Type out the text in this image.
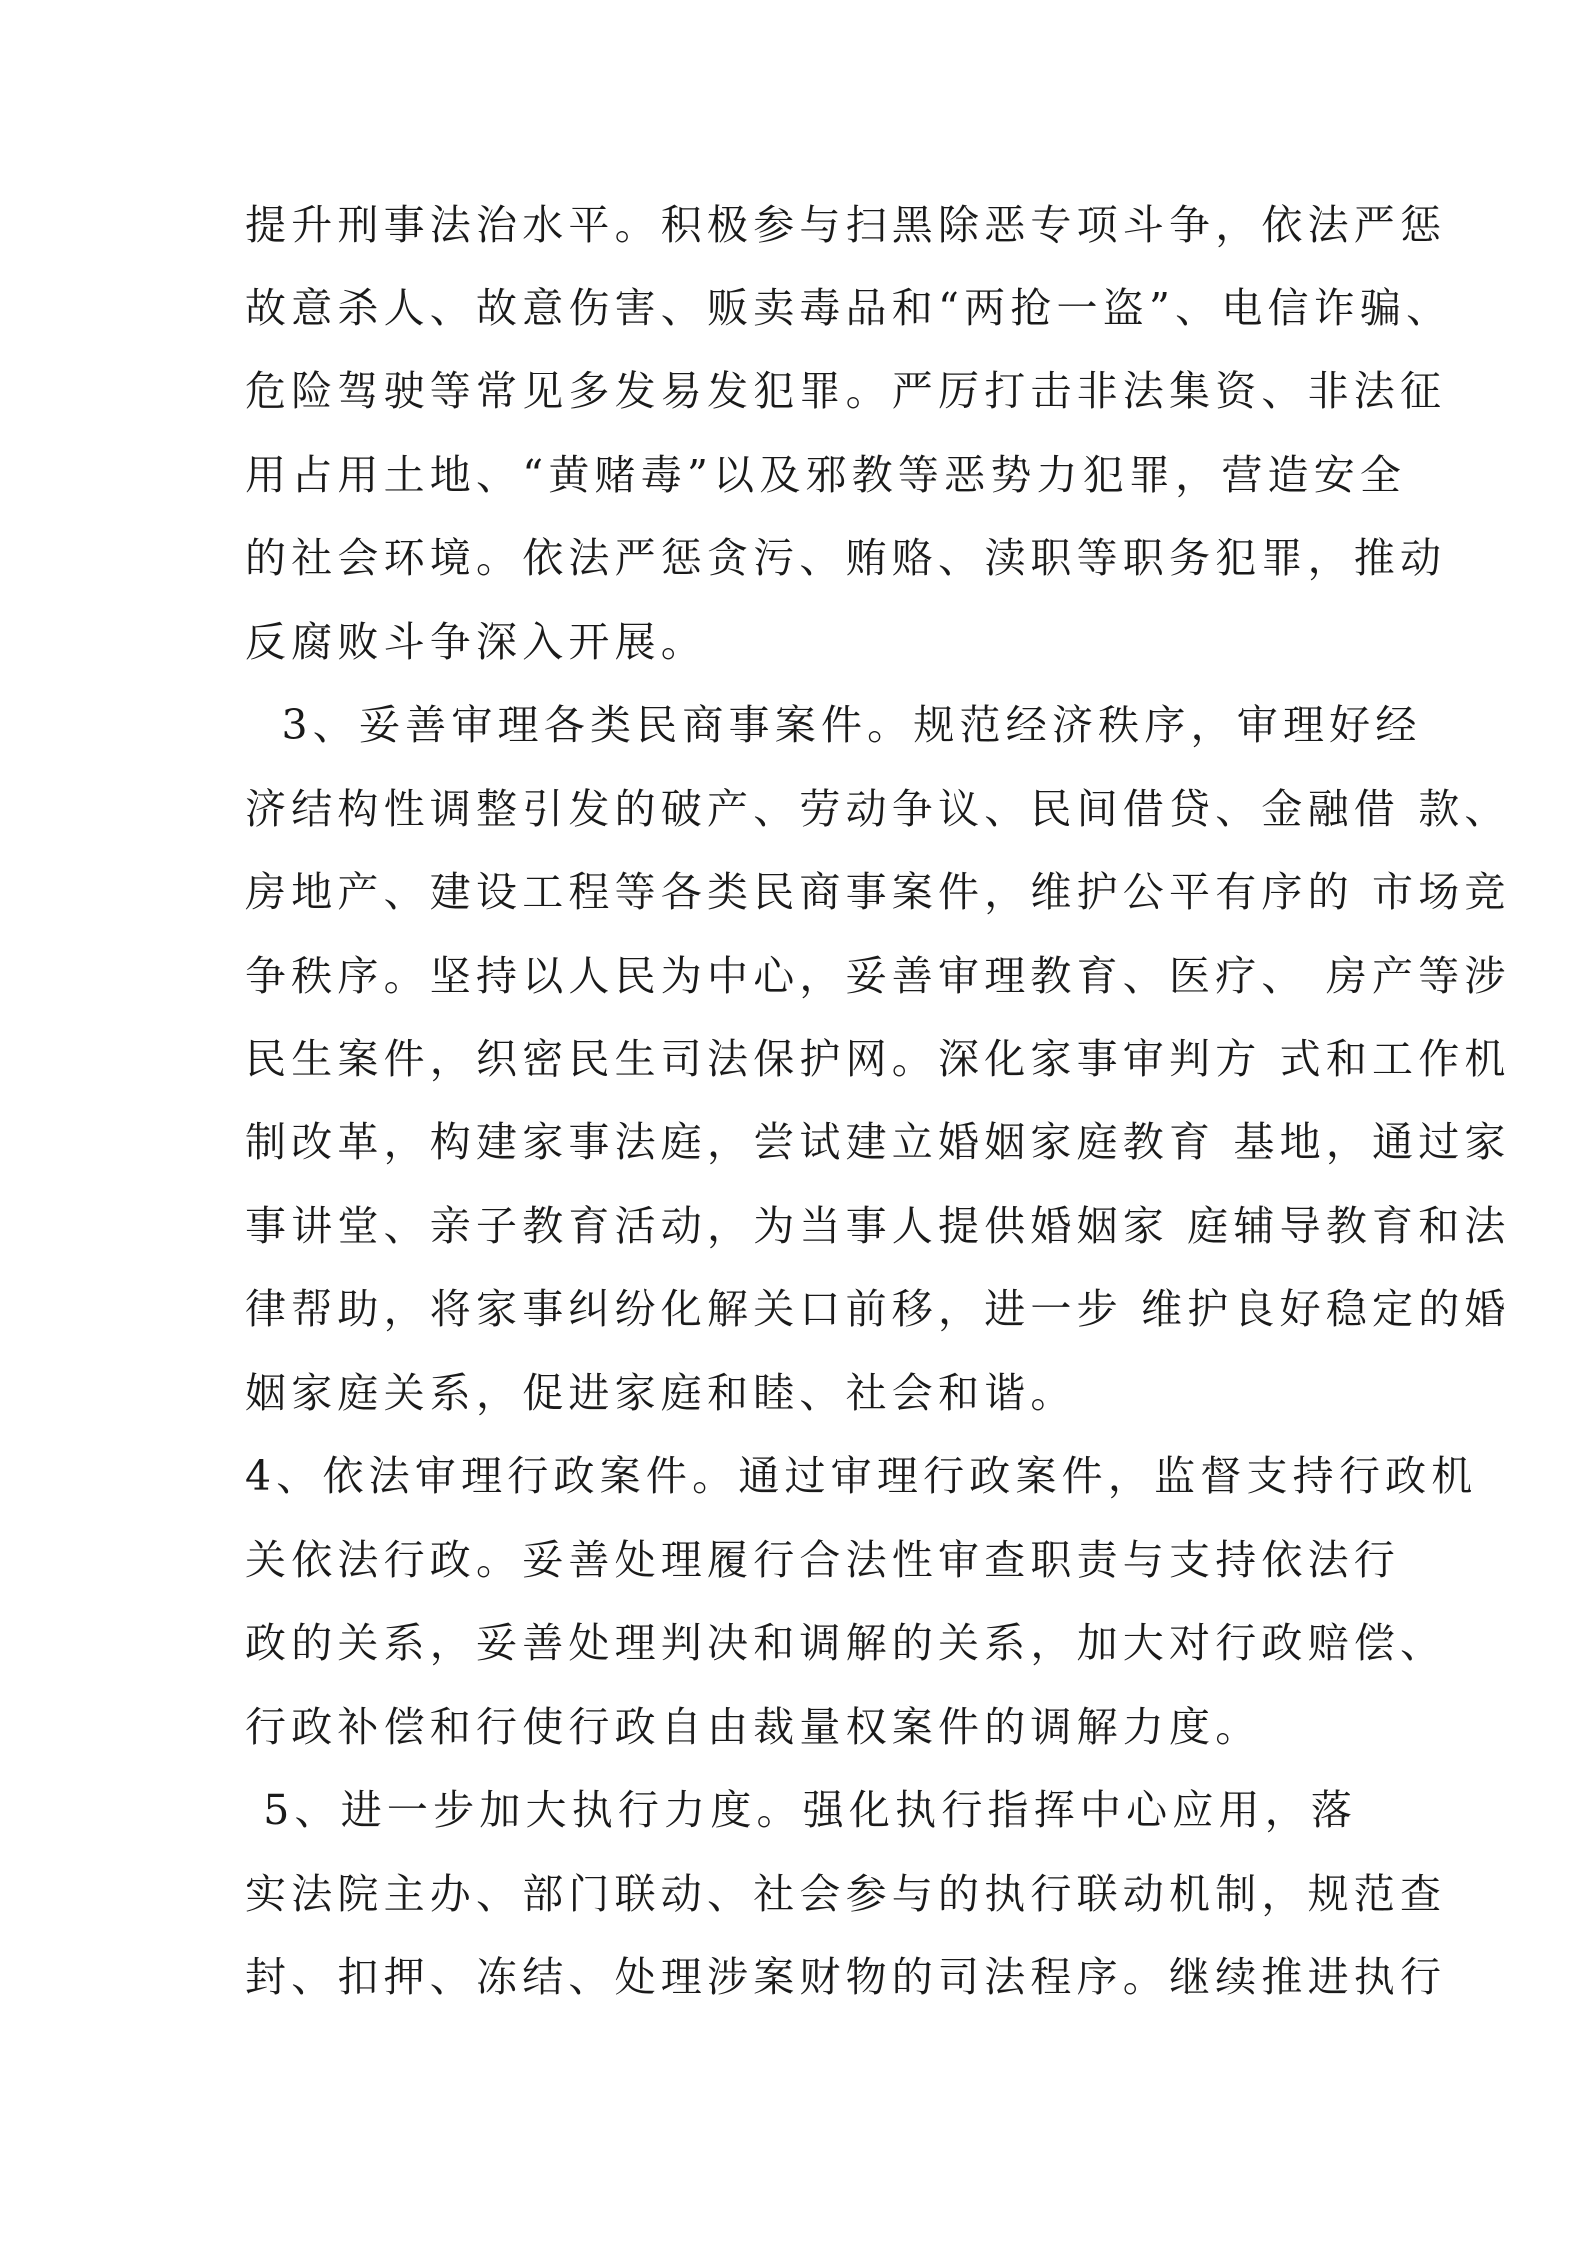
提升刑事法治水平。积极参与扫黑除恶专项斗争，依法严惩
故意杀人、故意伤害、贩卖毒品和“两抢一盗”、电信诈骗、
危险驾驶等常见多发易发犯罪。严厉打击非法集资、非法征
用占用土地、“黄赌毒”以及邪教等恶势力犯罪，营造安全
的社会环境。依法严惩贪污、贿赂、渎职等职务犯罪，推动
反腐败斗争深入开展。
3、妥善审理各类民商事案件。规范经济秩序，审理好经
济结构性调整引发的破产、劳动争议、民间借贷、金融借 款、
房地产、建设工程等各类民商事案件，维护公平有序的 市场竞
争秩序。坚持以人民为中心，妥善审理教育、医疗、 房产等涉
民生案件，织密民生司法保护网。深化家事审判方 式和工作机
制改革，构建家事法庭，尝试建立婚姻家庭教育 基地，通过家
事讲堂、亲子教育活动，为当事人提供婚姻家 庭辅导教育和法
律帮助，将家事纠纷化解关口前移，进一步 维护良好稳定的婚
姻家庭关系，促进家庭和睦、社会和谐。
4、依法审理行政案件。通过审理行政案件，监督支持行政机
关依法行政。妥善处理履行合法性审查职责与支持依法行
政的关系，妥善处理判决和调解的关系，加大对行政赔偿、
行政补偿和行使行政自由裁量权案件的调解力度。
5、进一步加大执行力度。强化执行指挥中心应用，落
实法院主办、部门联动、社会参与的执行联动机制，规范查
封、扣押、冻结、处理涉案财物的司法程序。继续推进执行
